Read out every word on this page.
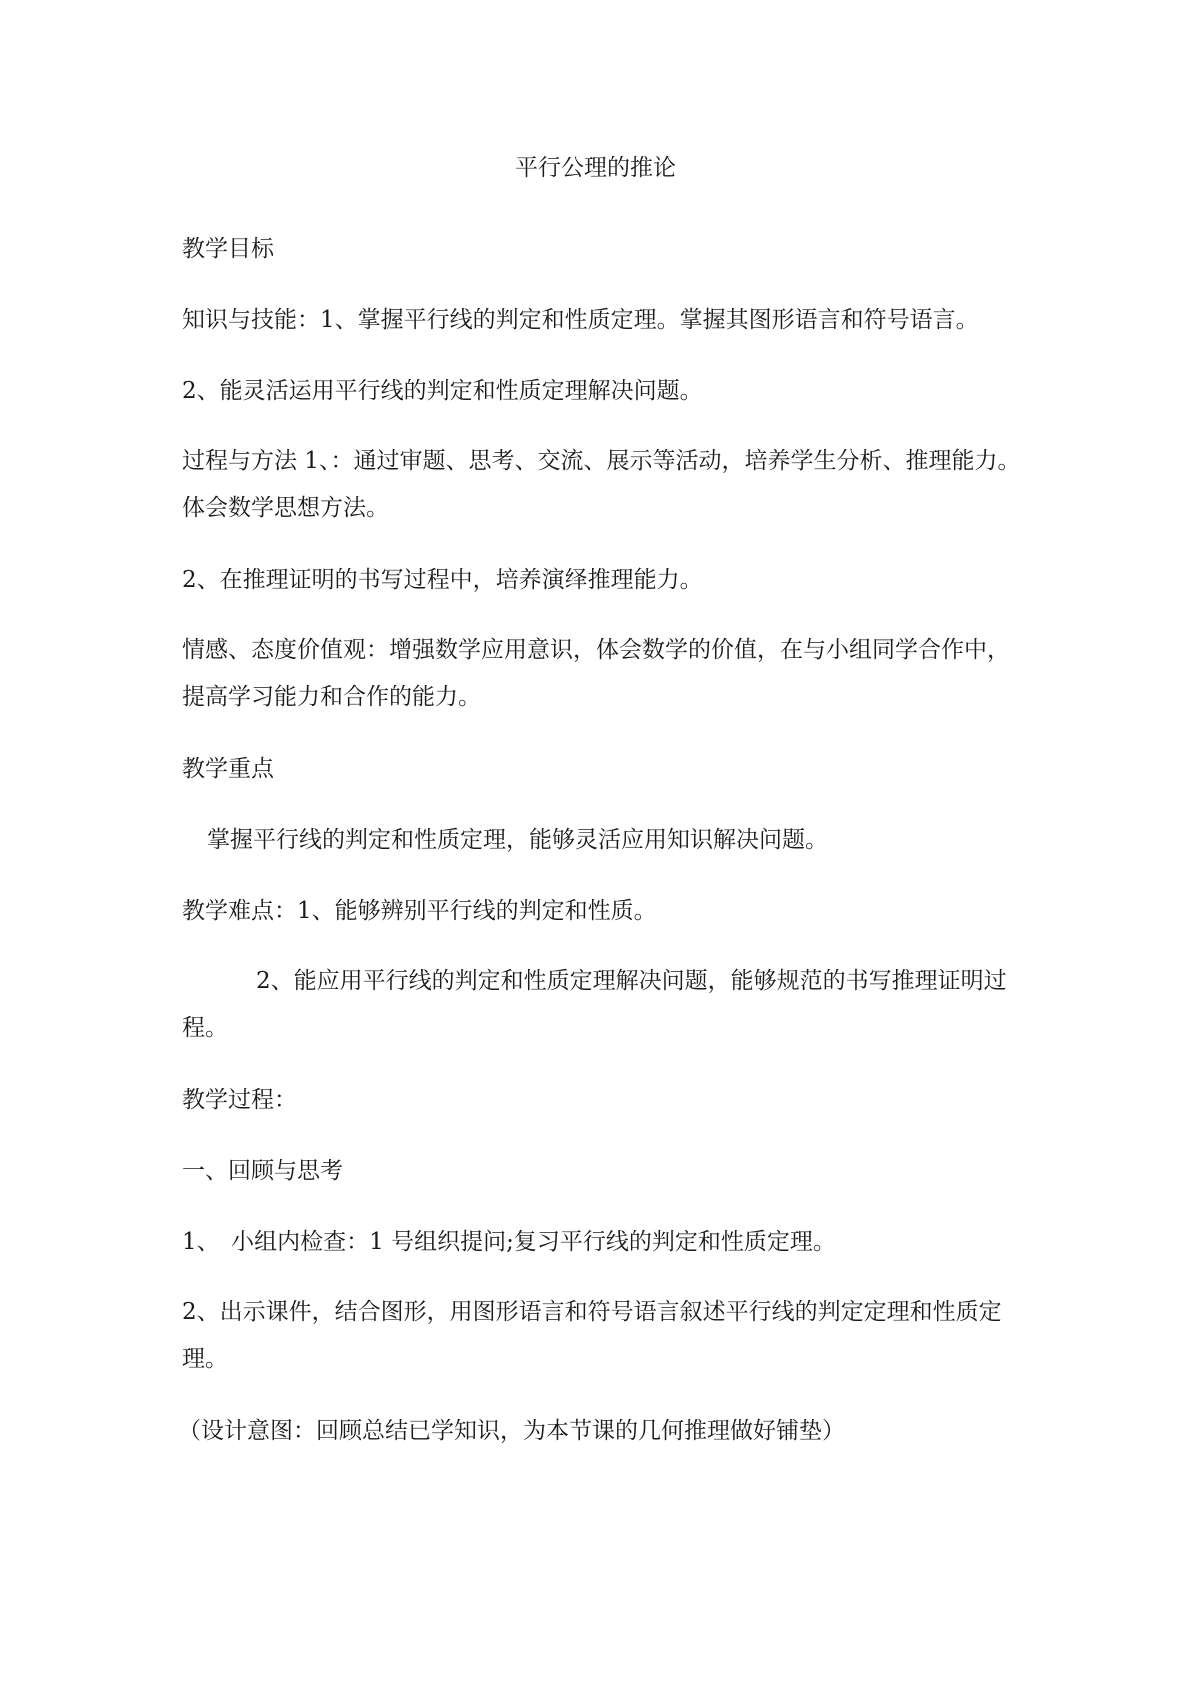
平行公理的推论

教学目标

知识与技能：1、掌握平行线的判定和性质定理。掌握其图形语言和符号语言。

2、能灵活运用平行线的判定和性质定理解决问题。

过程与方法 1、：通过审题、思考、交流、展示等活动，培养学生分析、推理能力。体会数学思想方法。

2、在推理证明的书写过程中，培养演绎推理能力。

情感、态度价值观：增强数学应用意识，体会数学的价值，在与小组同学合作中，提高学习能力和合作的能力。

教学重点

掌握平行线的判定和性质定理，能够灵活应用知识解决问题。

教学难点：1、能够辨别平行线的判定和性质。

2、能应用平行线的判定和性质定理解决问题，能够规范的书写推理证明过程。

教学过程：

一、回顾与思考

1、　小组内检查：1 号组织提问;复习平行线的判定和性质定理。

2、出示课件，结合图形，用图形语言和符号语言叙述平行线的判定定理和性质定理。

（设计意图：回顾总结已学知识，为本节课的几何推理做好铺垫）
